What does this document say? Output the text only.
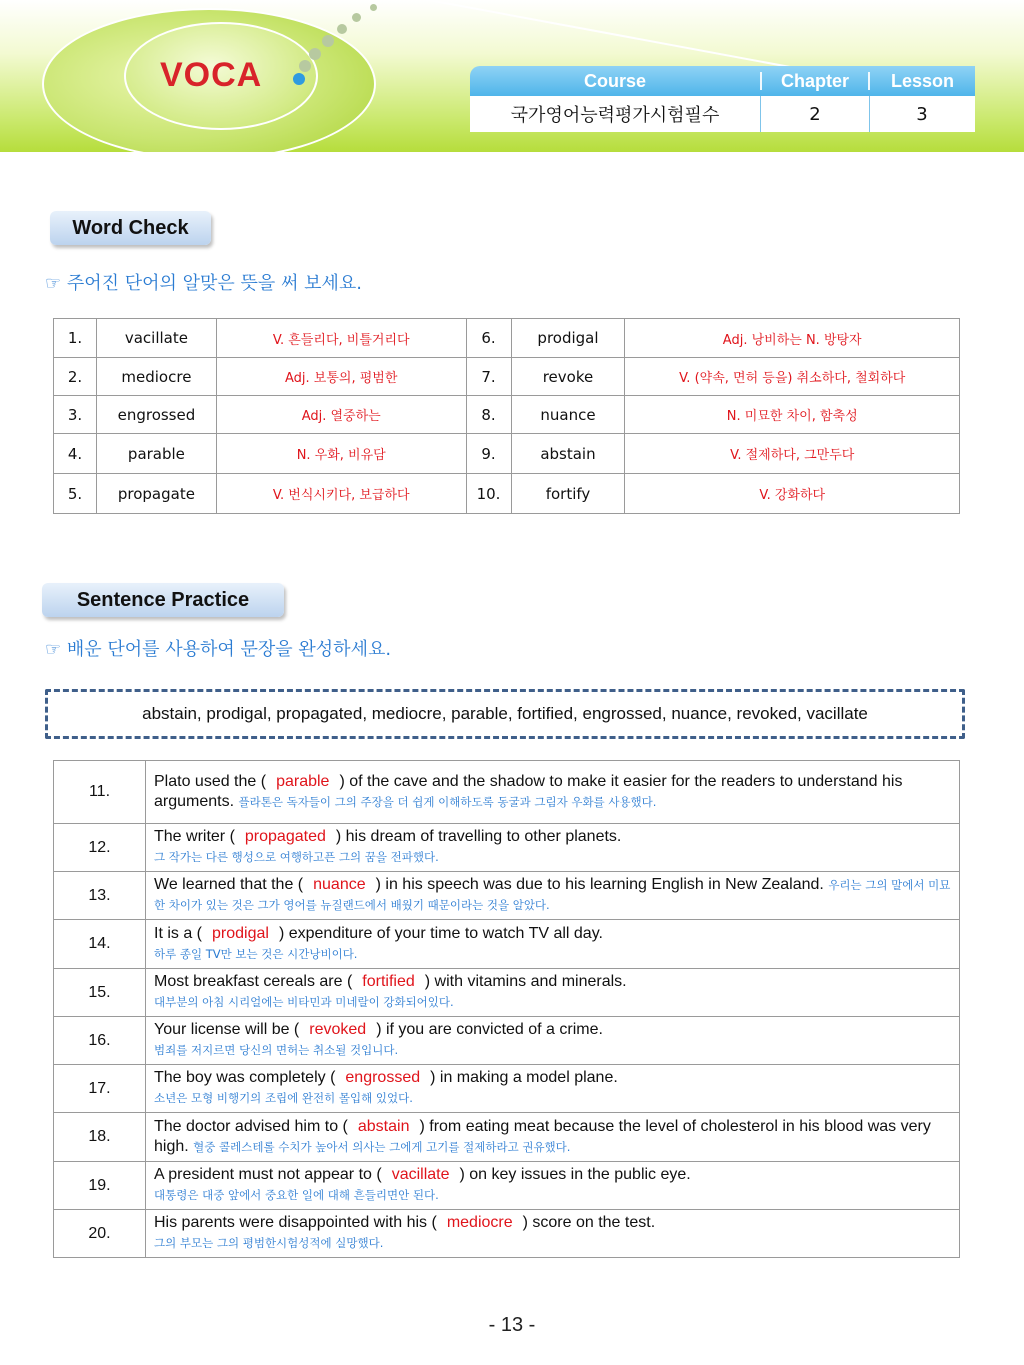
VOCA	Course	Chapter	Lesson
국가영어능력평가시험필수	2	3
Word Check
☞ 주어진 단어의 알맞은 뜻을 써 보세요.
1.	vacillate	V. 흔들리다, 비틀거리다	6.	prodigal	Adj. 낭비하는 N. 방탕자
2.	mediocre	Adj. 보통의, 평범한	7.	revoke	V. (약속, 면허 등을) 취소하다, 철회하다
3.	engrossed	Adj. 열중하는	8.	nuance	N. 미묘한 차이, 함축성
4.	parable	N. 우화, 비유담	9.	abstain	V. 절제하다, 그만두다
5.	propagate	V. 번식시키다, 보급하다	10.	fortify	V. 강화하다
Sentence Practice
☞ 배운 단어를 사용하여 문장을 완성하세요.
abstain, prodigal, propagated, mediocre, parable, fortified, engrossed, nuance, revoked, vacillate
11.	Plato used the ( parable ) of the cave and the shadow to make it easier for the readers to understand his arguments. 플라톤은 독자들이 그의 주장을 더 쉽게 이해하도록 동굴과 그림자 우화를 사용했다.
12.	The writer ( propagated ) his dream of travelling to other planets.
그 작가는 다른 행성으로 여행하고픈 그의 꿈을 전파했다.
13.	We learned that the ( nuance ) in his speech was due to his learning English in New Zealand. 우리는 그의 말에서 미묘한 차이가 있는 것은 그가 영어를 뉴질랜드에서 배웠기 때문이라는 것을 알았다.
14.	It is a ( prodigal ) expenditure of your time to watch TV all day.
하루 종일 TV만 보는 것은 시간낭비이다.
15.	Most breakfast cereals are ( fortified ) with vitamins and minerals.
대부분의 아침 시리얼에는 비타민과 미네랄이 강화되어있다.
16.	Your license will be ( revoked ) if you are convicted of a crime.
범죄를 저지르면 당신의 면허는 취소될 것입니다.
17.	The boy was completely ( engrossed ) in making a model plane.
소년은 모형 비행기의 조립에 완전히 몰입해 있었다.
18.	The doctor advised him to ( abstain ) from eating meat because the level of cholesterol in his blood was very high. 혈중 콜레스테롤 수치가 높아서 의사는 그에게 고기를 절제하라고 권유했다.
19.	A president must not appear to ( vacillate ) on key issues in the public eye.
대통령은 대중 앞에서 중요한 일에 대해 흔들리면안 된다.
20.	His parents were disappointed with his ( mediocre ) score on the test.
그의 부모는 그의 평범한시험성적에 실망했다.
- 13 -
